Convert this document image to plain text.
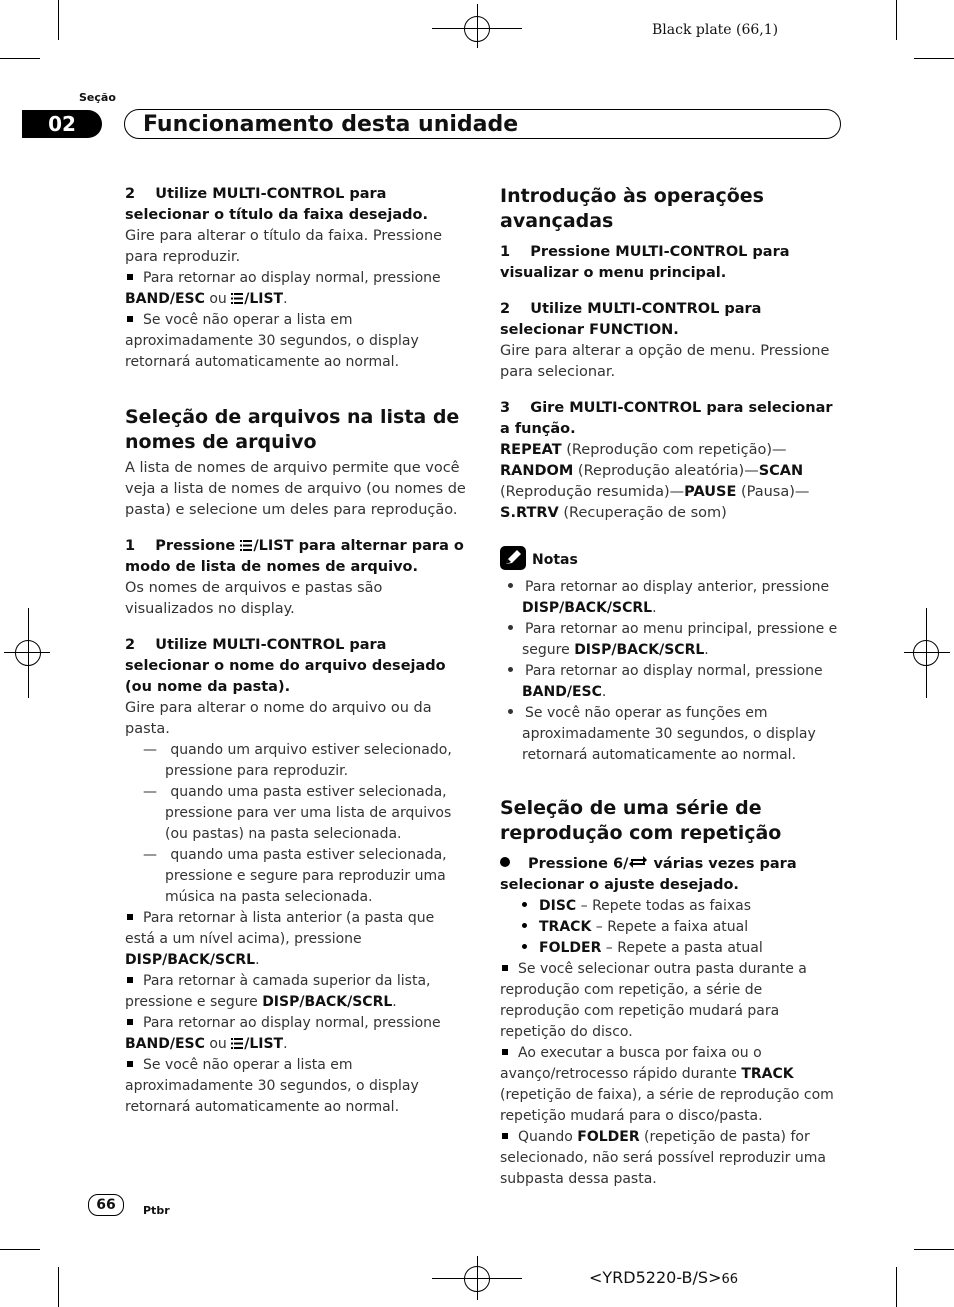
Black plate (66,1)
Seção
02	Funcionamento desta unidade

2 Utilize MULTI-CONTROL para selecionar o título da faixa desejado.

Gire para alterar o título da faixa. Pressione para reproduzir.

Para retornar ao display normal, pressione BAND/ESC ou /LIST.

Se você não operar a lista em aproximadamente 30 segundos, o display retornará automaticamente ao normal.

Seleção de arquivos na lista de nomes de arquivo

A lista de nomes de arquivo permite que você veja a lista de nomes de arquivo (ou nomes de pasta) e selecione um deles para reprodução.

1 Pressione /LIST para alternar para o modo de lista de nomes de arquivo.

Os nomes de arquivos e pastas são visualizados no display.

2 Utilize MULTI-CONTROL para selecionar o nome do arquivo desejado (ou nome da pasta).

Gire para alterar o nome do arquivo ou da pasta.

—   quando um arquivo estiver selecionado, pressione para reproduzir.

—   quando uma pasta estiver selecionada, pressione para ver uma lista de arquivos (ou pastas) na pasta selecionada.

—   quando uma pasta estiver selecionada, pressione e segure para reproduzir uma música na pasta selecionada.

Para retornar à lista anterior (a pasta que está a um nível acima), pressione DISP/BACK/SCRL.

Para retornar à camada superior da lista, pressione e segure DISP/BACK/SCRL.

Para retornar ao display normal, pressione BAND/ESC ou /LIST.

Se você não operar a lista em aproximadamente 30 segundos, o display retornará automaticamente ao normal.

Introdução às operações avançadas

1 Pressione MULTI-CONTROL para visualizar o menu principal.

2 Utilize MULTI-CONTROL para selecionar FUNCTION.

Gire para alterar a opção de menu. Pressione para selecionar.

3 Gire MULTI-CONTROL para selecionar a função.

REPEAT (Reprodução com repetição)— RANDOM (Reprodução aleatória)—SCAN (Reprodução resumida)—PAUSE (Pausa)— S.RTRV (Recuperação de som)

Notas

Para retornar ao display anterior, pressione DISP/BACK/SCRL.

Para retornar ao menu principal, pressione e segure DISP/BACK/SCRL.

Para retornar ao display normal, pressione BAND/ESC.

Se você não operar as funções em aproximadamente 30 segundos, o display retornará automaticamente ao normal.

Seleção de uma série de reprodução com repetição

Pressione 6/ várias vezes para selecionar o ajuste desejado.

DISC – Repete todas as faixas

TRACK – Repete a faixa atual

FOLDER – Repete a pasta atual

Se você selecionar outra pasta durante a reprodução com repetição, a série de reprodução com repetição mudará para repetição do disco.

Ao executar a busca por faixa ou o avanço/retrocesso rápido durante TRACK (repetição de faixa), a série de reprodução com repetição mudará para o disco/pasta.

Quando FOLDER (repetição de pasta) for selecionado, não será possível reproduzir uma subpasta dessa pasta.

66	Ptbr
<YRD5220-B/S>66
